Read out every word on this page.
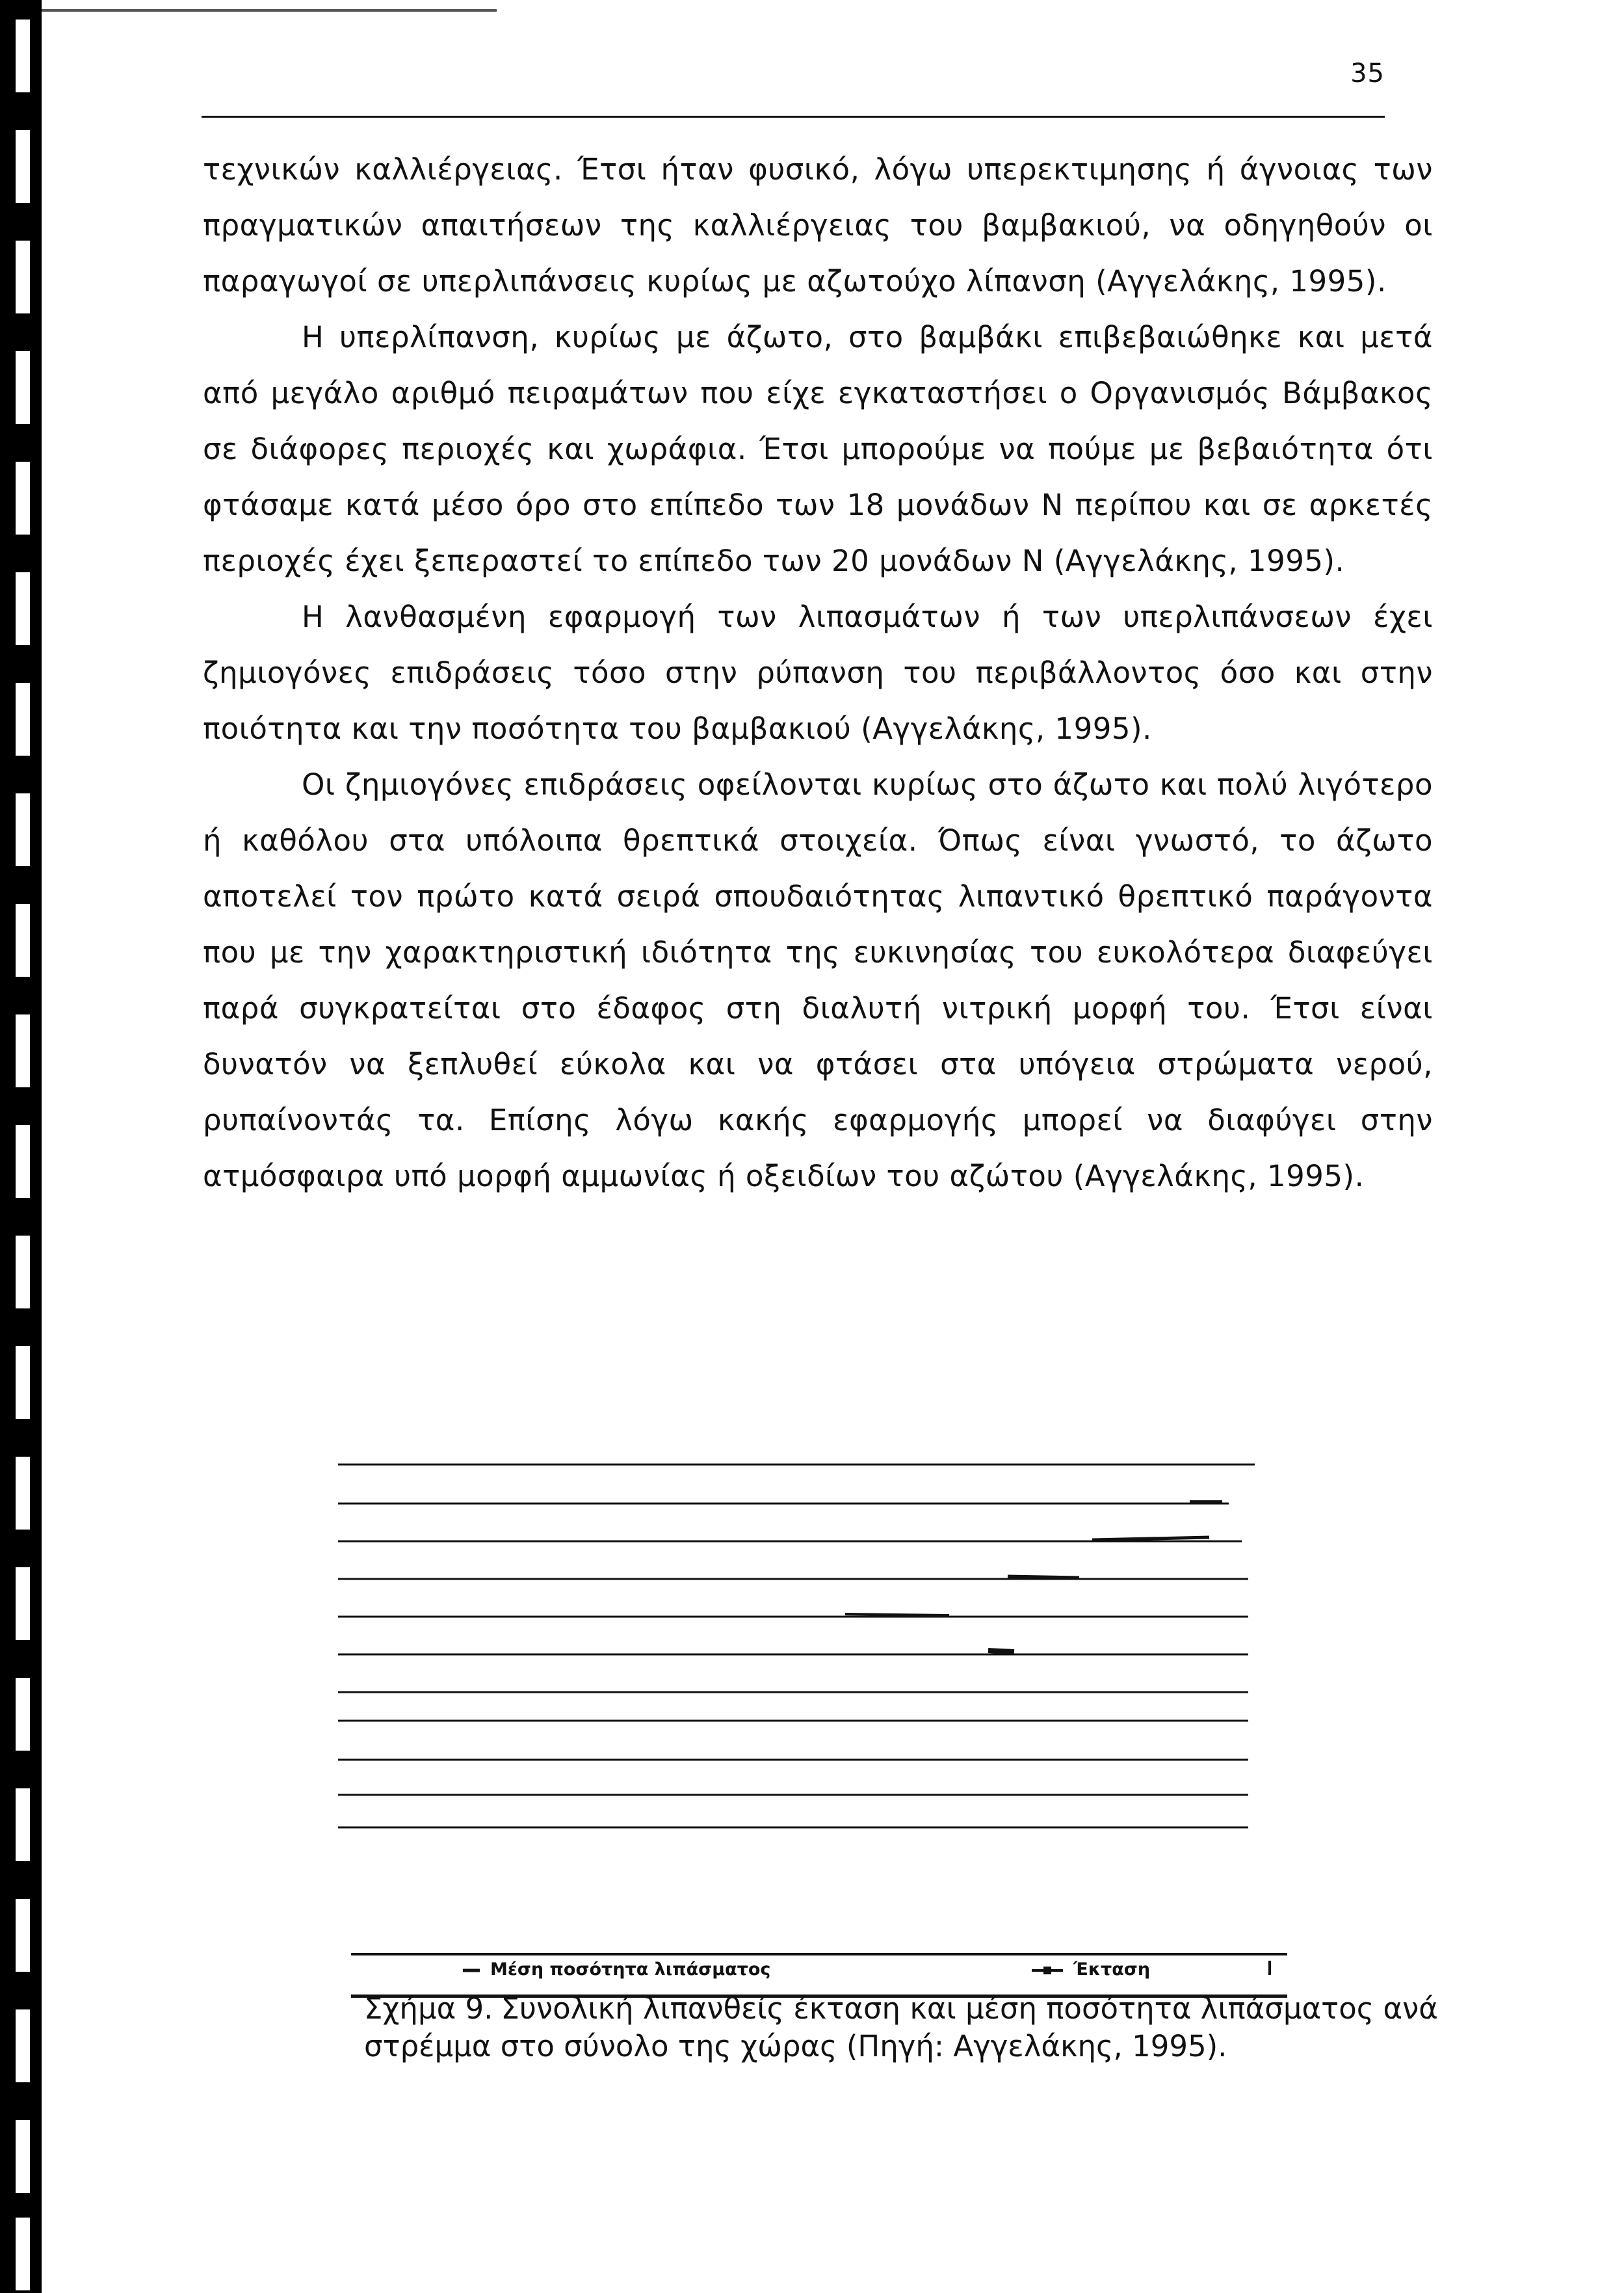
35

τεχνικών καλλιέργειας. Έτσι ήταν φυσικό, λόγω υπερεκτιμησης ή άγνοιας των πραγματικών απαιτήσεων της καλλιέργειας του βαμβακιού, να οδηγηθούν οι παραγωγοί σε υπερλιπάνσεις κυρίως με αζωτούχο λίπανση (Αγγελάκης, 1995).

Η υπερλίπανση, κυρίως με άζωτο, στο βαμβάκι επιβεβαιώθηκε και μετά από μεγάλο αριθμό πειραμάτων που είχε εγκαταστήσει ο Οργανισμός Βάμβακος σε διάφορες περιοχές και χωράφια. Έτσι μπορούμε να πούμε με βεβαιότητα ότι φτάσαμε κατά μέσο όρο στο επίπεδο των 18 μονάδων Ν περίπου και σε αρκετές περιοχές έχει ξεπεραστεί το επίπεδο των 20 μονάδων Ν (Αγγελάκης, 1995).

Η λανθασμένη εφαρμογή των λιπασμάτων ή των υπερλιπάνσεων έχει ζημιογόνες επιδράσεις τόσο στην ρύπανση του περιβάλλοντος όσο και στην ποιότητα και την ποσότητα του βαμβακιού (Αγγελάκης, 1995).

Οι ζημιογόνες επιδράσεις οφείλονται κυρίως στο άζωτο και πολύ λιγότερο ή καθόλου στα υπόλοιπα θρεπτικά στοιχεία. Όπως είναι γνωστό, το άζωτο αποτελεί τον πρώτο κατά σειρά σπουδαιότητας λιπαντικό θρεπτικό παράγοντα που με την χαρακτηριστική ιδιότητα της ευκινησίας του ευκολότερα διαφεύγει παρά συγκρατείται στο έδαφος στη διαλυτή νιτρική μορφή του. Έτσι είναι δυνατόν να ξεπλυθεί εύκολα και να φτάσει στα υπόγεια στρώματα νερού, ρυπαίνοντάς τα. Επίσης λόγω κακής εφαρμογής μπορεί να διαφύγει στην ατμόσφαιρα υπό μορφή αμμωνίας ή οξειδίων του αζώτου (Αγγελάκης, 1995).

Μέση ποσότητα λιπάσματος	Έκταση
Σχήμα 9. Συνολική λιπανθείς έκταση και μέση ποσότητα λιπάσματος ανά
στρέμμα στο σύνολο της χώρας (Πηγή: Αγγελάκης, 1995).
